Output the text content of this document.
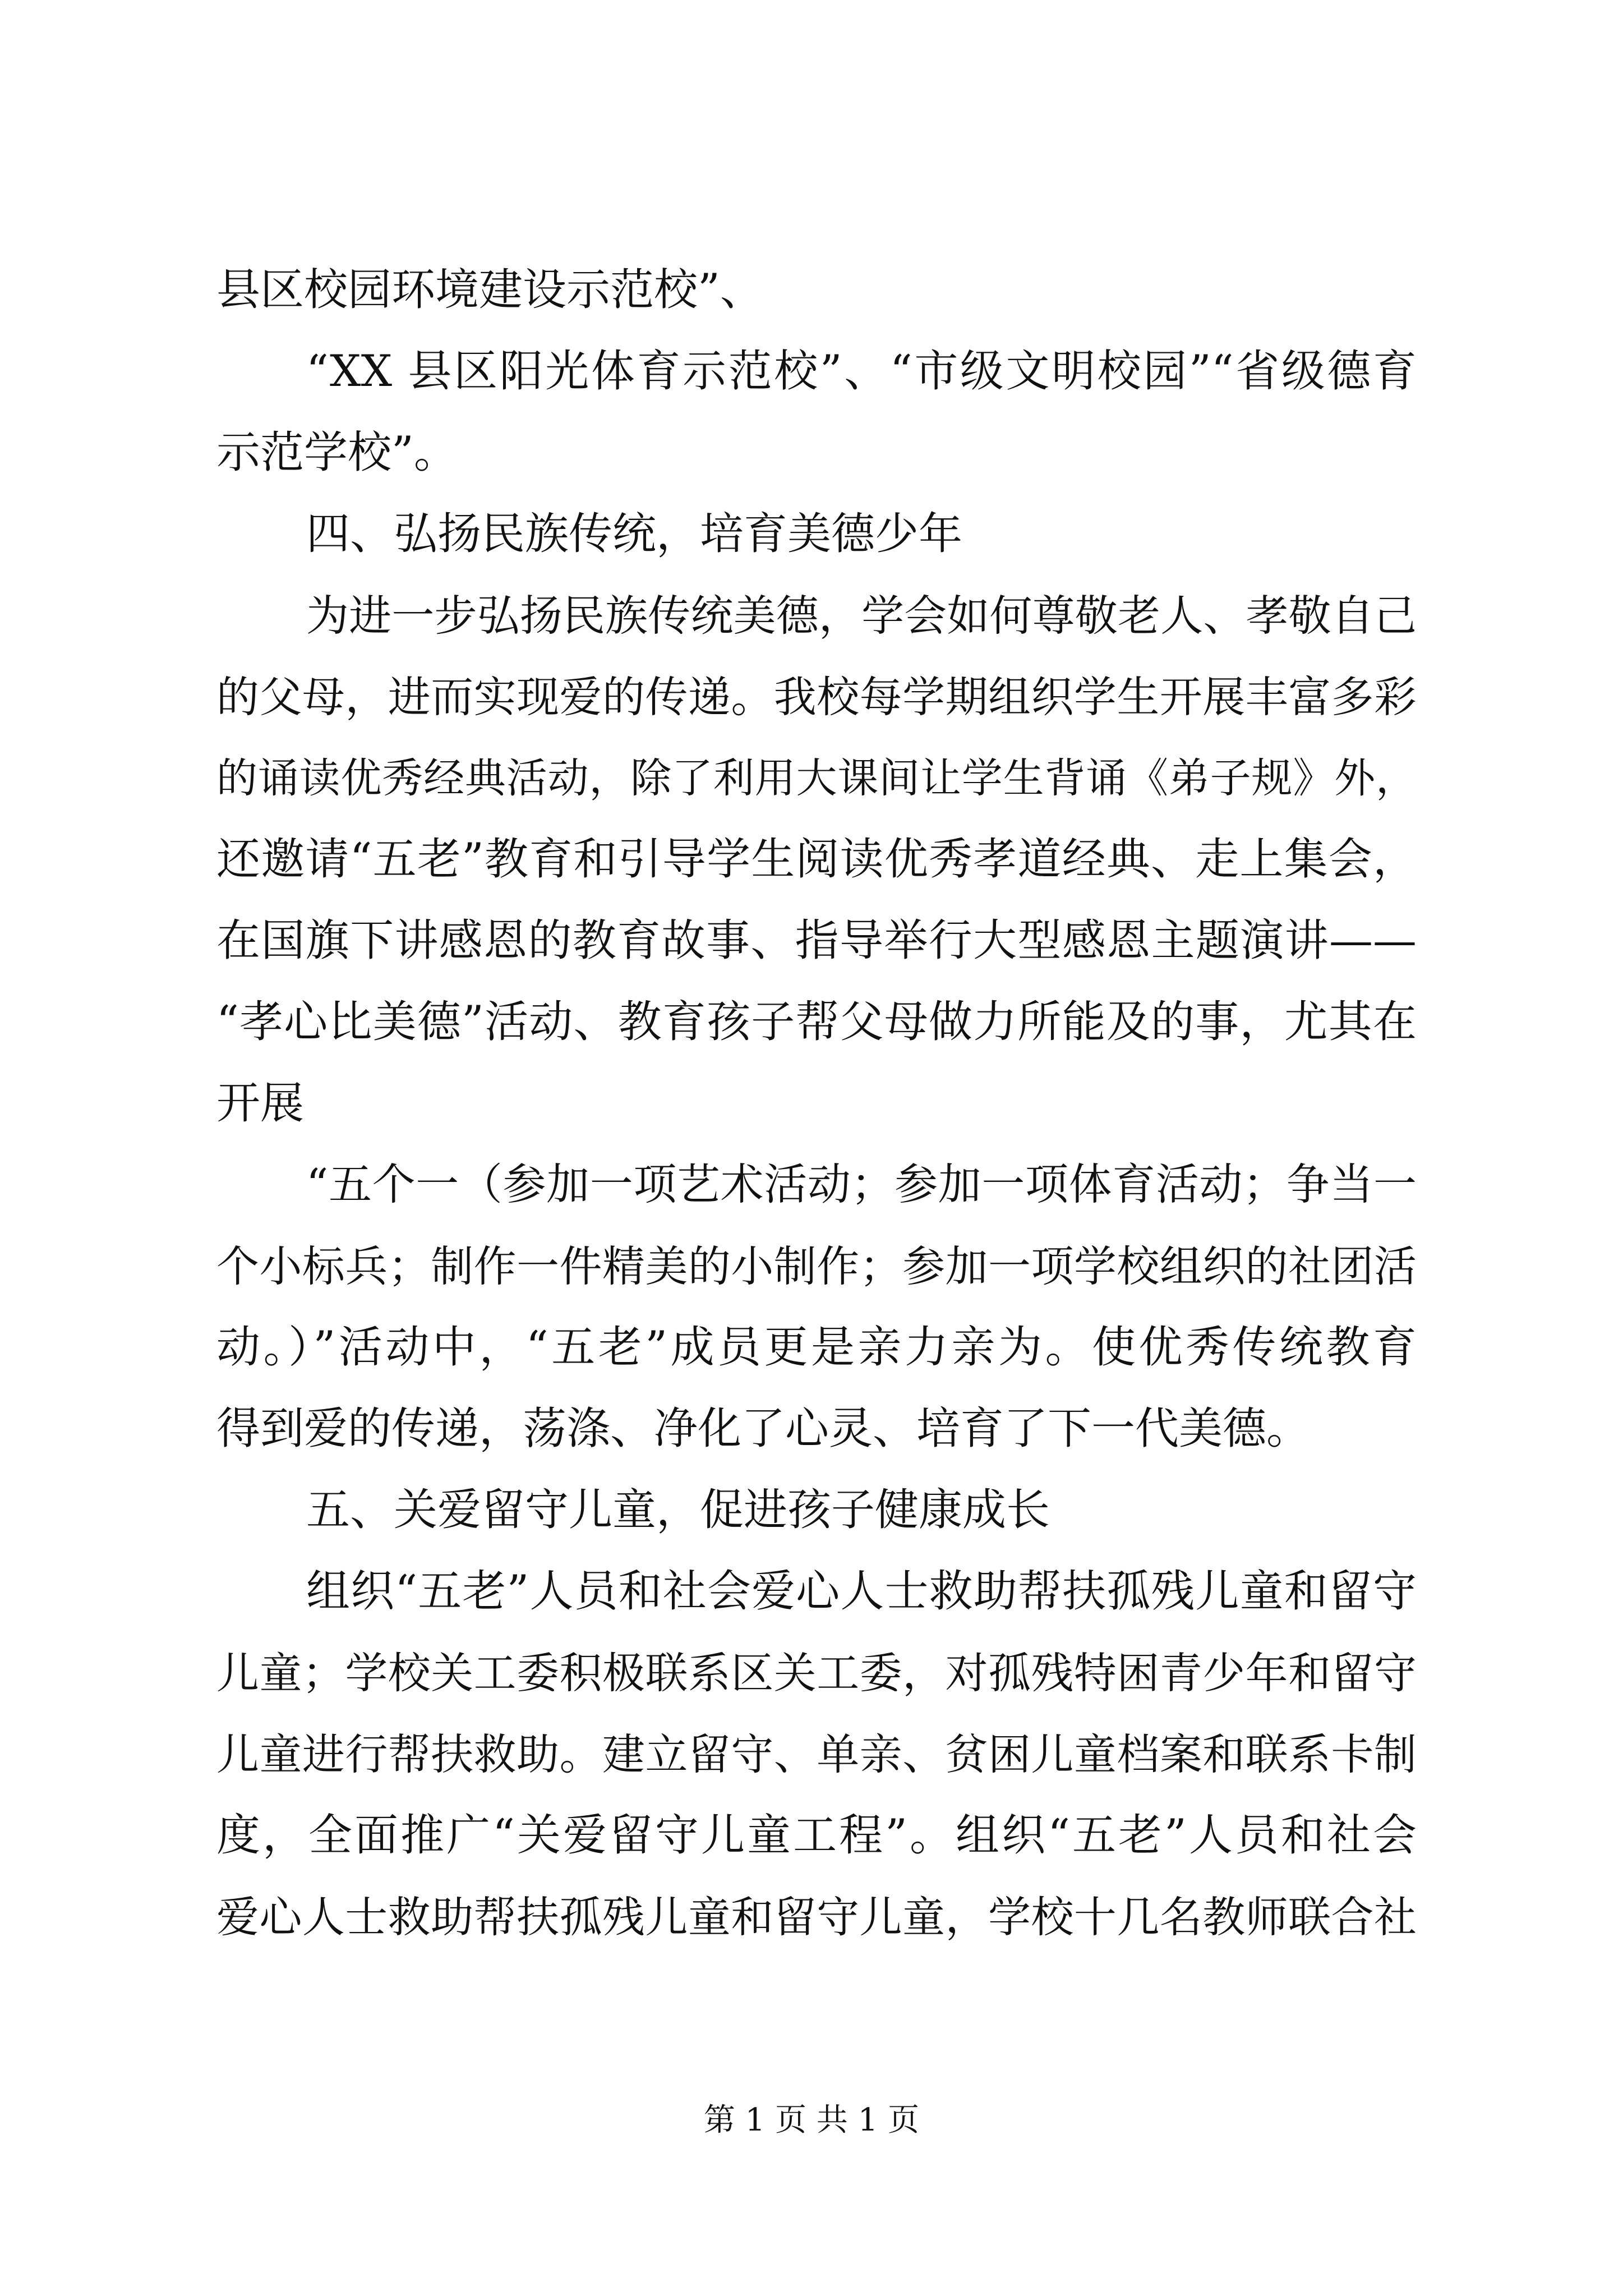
县区校园环境建设示范校”、
“XX 县区阳光体育示范校”、“市级文明校园”“省级德育
示范学校”。
四、弘扬民族传统，培育美德少年
为进一步弘扬民族传统美德，学会如何尊敬老人、孝敬自己
的父母，进而实现爱的传递。我校每学期组织学生开展丰富多彩
的诵读优秀经典活动，除了利用大课间让学生背诵《弟子规》外，
还邀请“五老”教育和引导学生阅读优秀孝道经典、走上集会，
在国旗下讲感恩的教育故事、指导举行大型感恩主题演讲——
“孝心比美德”活动、教育孩子帮父母做力所能及的事，尤其在
开展
“五个一（参加一项艺术活动；参加一项体育活动；争当一
个小标兵；制作一件精美的小制作；参加一项学校组织的社团活
动。）”活动中，“五老”成员更是亲力亲为。使优秀传统教育
得到爱的传递，荡涤、净化了心灵、培育了下一代美德。
五、关爱留守儿童，促进孩子健康成长
组织“五老”人员和社会爱心人士救助帮扶孤残儿童和留守
儿童；学校关工委积极联系区关工委，对孤残特困青少年和留守
儿童进行帮扶救助。建立留守、单亲、贫困儿童档案和联系卡制
度，全面推广“关爱留守儿童工程”。组织“五老”人员和社会
爱心人士救助帮扶孤残儿童和留守儿童，学校十几名教师联合社
第 1 页 共 1 页
